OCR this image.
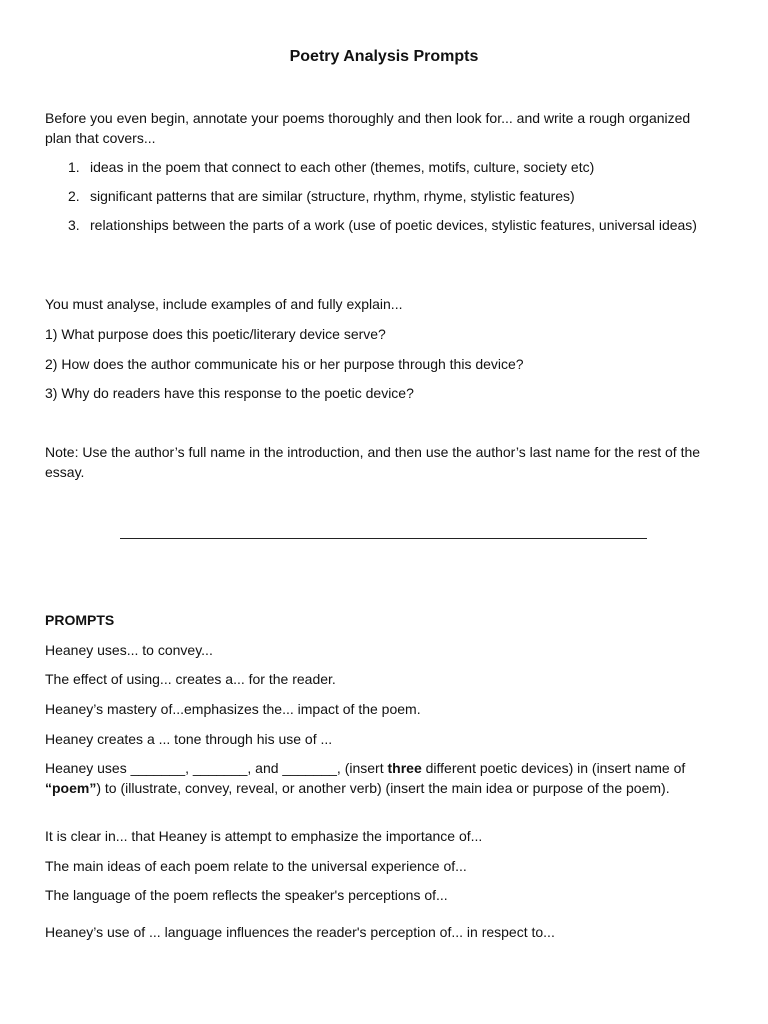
Poetry Analysis Prompts
Before you even begin, annotate your poems thoroughly and then look for... and write a rough organized plan that covers...
1. ideas in the poem that connect to each other (themes, motifs, culture, society etc)
2. significant patterns that are similar (structure, rhythm, rhyme, stylistic features)
3. relationships between the parts of a work (use of poetic devices, stylistic features, universal ideas)
You must analyse, include examples of and fully explain...
1) What purpose does this poetic/literary device serve?
2) How does the author communicate his or her purpose through this device?
3) Why do readers have this response to the poetic device?
Note: Use the author’s full name in the introduction, and then use the author’s last name for the rest of the essay.
PROMPTS
Heaney uses... to convey...
The effect of using... creates a... for the reader.
Heaney’s mastery of...emphasizes the... impact of the poem.
Heaney creates a ... tone through his use of ...
Heaney uses _______, _______, and _______, (insert three different poetic devices) in (insert name of “poem”) to (illustrate, convey, reveal, or another verb) (insert the main idea or purpose of the poem).
It is clear in... that Heaney is attempt to emphasize the importance of...
The main ideas of each poem relate to the universal experience of...
The language of the poem reflects the speaker's perceptions of...
Heaney’s use of ... language influences the reader's perception of... in respect to...
